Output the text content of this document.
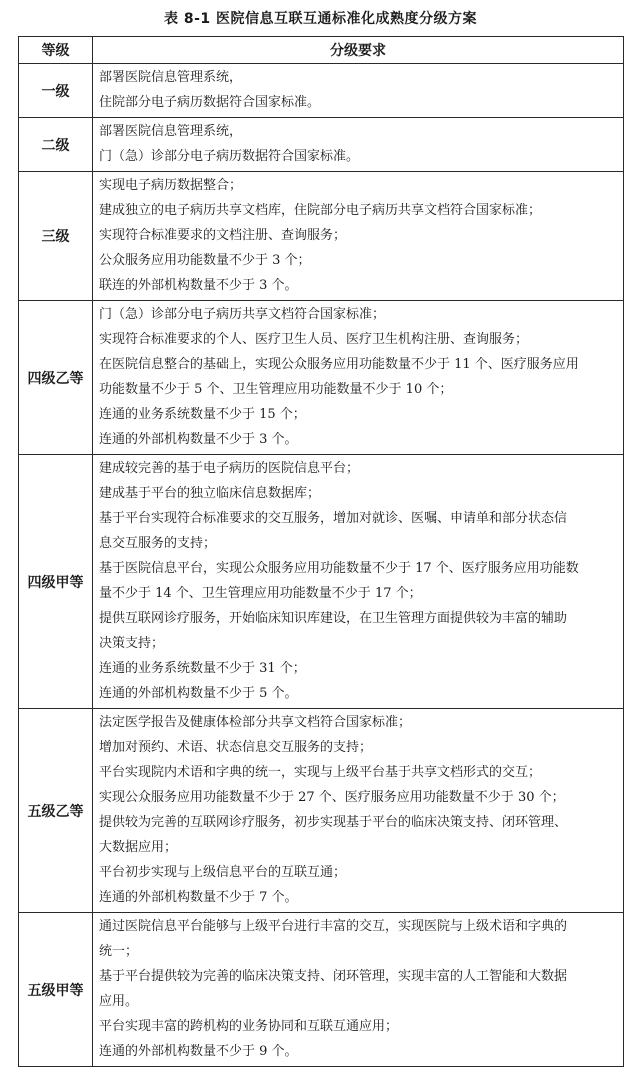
表 8-1 医院信息互联互通标准化成熟度分级方案
等级	分级要求
一级	部署医院信息管理系统，
住院部分电子病历数据符合国家标准。

二级	部署医院信息管理系统，
门（急）诊部分电子病历数据符合国家标准。

三级	实现电子病历数据整合；
建成独立的电子病历共享文档库，住院部分电子病历共享文档符合国家标准；
实现符合标准要求的文档注册、查询服务；
公众服务应用功能数量不少于 3 个；
联连的外部机构数量不少于 3 个。

四级乙等	
门（急）诊部分电子病历共享文档符合国家标准；
实现符合标准要求的个人、医疗卫生人员、医疗卫生机构注册、查询服务；
在医院信息整合的基础上，实现公众服务应用功能数量不少于 11 个、医疗服务应用
功能数量不少于 5 个、卫生管理应用功能数量不少于 10 个；
连通的业务系统数量不少于 15 个；
连通的外部机构数量不少于 3 个。

四级甲等	
建成较完善的基于电子病历的医院信息平台；
建成基于平台的独立临床信息数据库；
基于平台实现符合标准要求的交互服务，增加对就诊、医嘱、申请单和部分状态信
息交互服务的支持；
基于医院信息平台，实现公众服务应用功能数量不少于 17 个、医疗服务应用功能数
量不少于 14 个、卫生管理应用功能数量不少于 17 个；
提供互联网诊疗服务，开始临床知识库建设，在卫生管理方面提供较为丰富的辅助
决策支持；
连通的业务系统数量不少于 31 个；
连通的外部机构数量不少于 5 个。

五级乙等	
法定医学报告及健康体检部分共享文档符合国家标准；
增加对预约、术语、状态信息交互服务的支持；
平台实现院内术语和字典的统一，实现与上级平台基于共享文档形式的交互；
实现公众服务应用功能数量不少于 27 个、医疗服务应用功能数量不少于 30 个；
提供较为完善的互联网诊疗服务，初步实现基于平台的临床决策支持、闭环管理、
大数据应用；
平台初步实现与上级信息平台的互联互通；
连通的外部机构数量不少于 7 个。

五级甲等	
通过医院信息平台能够与上级平台进行丰富的交互，实现医院与上级术语和字典的
统一；
基于平台提供较为完善的临床决策支持、闭环管理，实现丰富的人工智能和大数据
应用。
平台实现丰富的跨机构的业务协同和互联互通应用；
连通的外部机构数量不少于 9 个。
